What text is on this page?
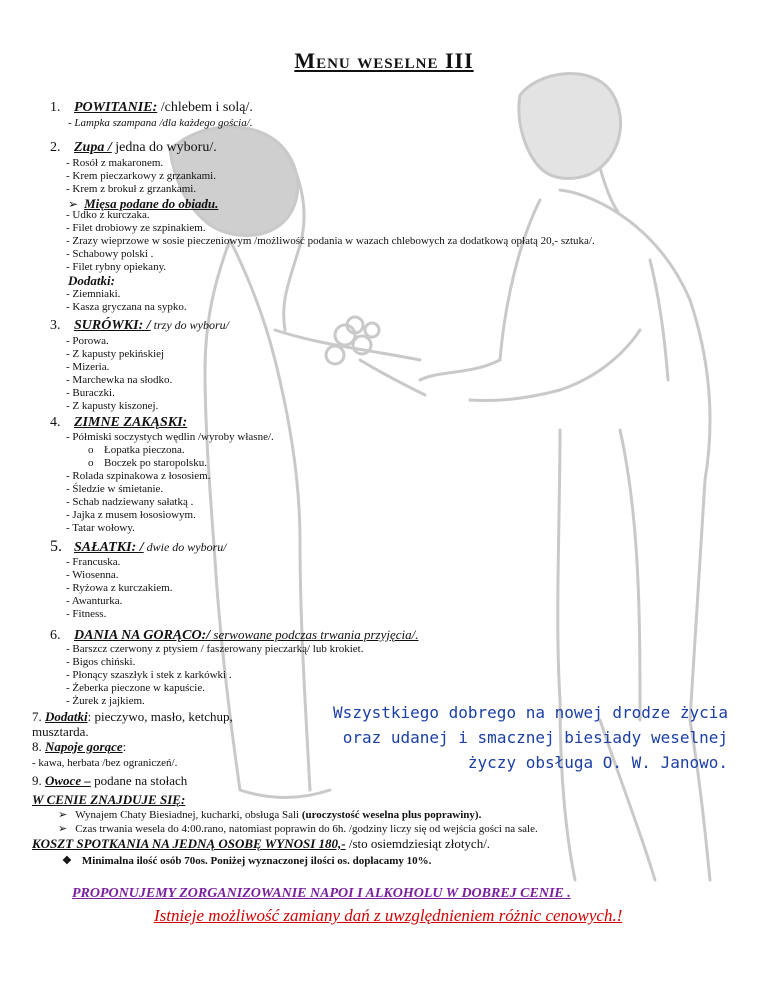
Menu weselne III
1. POWITANIE: /chlebem i solą/.
- Lampka szampana /dla każdego gościa/.
2. Zupa / jedna do wyboru/.
- Rosół z makaronem.
- Krem pieczarkowy z grzankami.
- Krem z brokuł z grzankami.
➢ Mięsa podane do obiadu.
- Udko z kurczaka.
- Filet drobiowy ze szpinakiem.
- Zrazy wieprzowe w sosie pieczeniowym /możliwość podania w wazach chlebowych za dodatkową opłatą 20,- sztuka/.
- Schabowy polski .
- Filet rybny opiekany.
Dodatki:
- Ziemniaki.
- Kasza gryczana na sypko.
3. SURÓWKI: / trzy do wyboru/
- Porowa.
- Z kapusty pekińskiej
- Mizeria.
- Marchewka na słodko.
- Buraczki.
- Z kapusty kiszonej.
4. ZIMNE ZAKĄSKI:
- Półmiski soczystych wędlin /wyroby własne/.
o Łopatka pieczona.
o Boczek po staropolsku.
- Rolada szpinakowa z łososiem.
- Śledzie w śmietanie.
- Schab nadziewany sałatką .
- Jajka z musem łososiowym.
- Tatar wołowy.
5. SAŁATKI: / dwie do wyboru/
- Francuska.
- Wiosenna.
- Ryżowa z kurczakiem.
- Awanturka.
- Fitness.
6. DANIA NA GORĄCO:/ serwowane podczas trwania przyjęcia/.
- Barszcz czerwony z ptysiem / faszerowany pieczarką/ lub krokiet.
- Bigos chiński.
- Płonący szaszłyk i stek z karkówki .
- Żeberka pieczone w kapuście.
- Żurek z jajkiem.
7. Dodatki: pieczywo, masło, ketchup,
musztarda.
8. Napoje gorące:
- kawa, herbata /bez ograniczeń/.
9. Owoce – podane na stołach
Wszystkiego dobrego na nowej drodze życia
oraz udanej i smacznej biesiady weselnej
życzy obsługa O. W. Janowo.
W CENIE ZNAJDUJE SIĘ:
➢ Wynajem Chaty Biesiadnej, kucharki, obsługa Sali (uroczystość weselna plus poprawiny).
➢ Czas trwania wesela do 4:00.rano, natomiast poprawin do 6h. /godziny liczy się od wejścia gości na sale.
KOSZT SPOTKANIA NA JEDNĄ OSOBĘ WYNOSI 180,- /sto osiemdziesiąt złotych/.
❖ Minimalna ilość osób 70os. Poniżej wyznaczonej ilości os. dopłacamy 10%.
PROPONUJEMY ZORGANIZOWANIE NAPOI I ALKOHOLU W DOBREJ CENIE .
Istnieje możliwość zamiany dań z uwzględnieniem różnic cenowych.!
